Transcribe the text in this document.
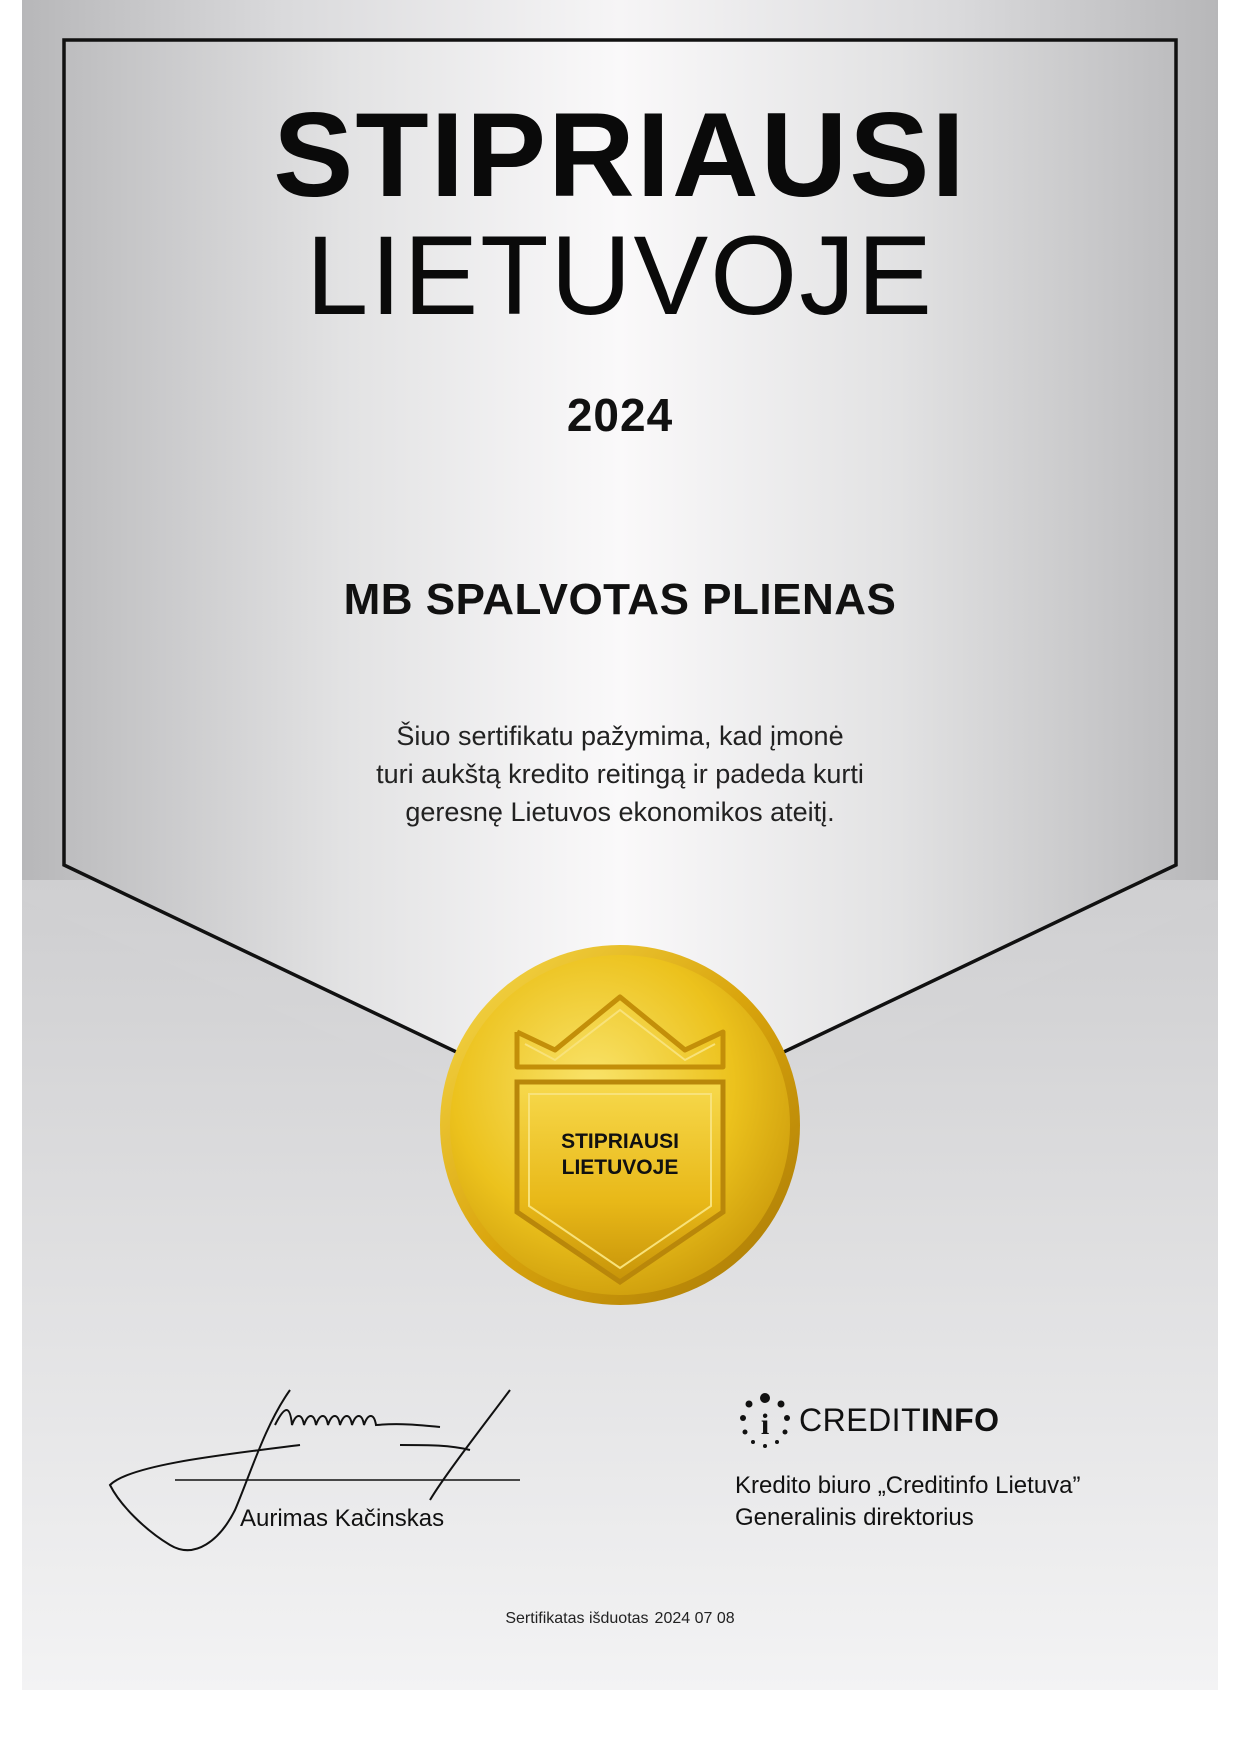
STIPRIAUSI
LIETUVOJE
2024
MB SPALVOTAS PLIENAS
Šiuo sertifikatu pažymima, kad įmonė
turi aukštą kredito reitingą ir padeda kurti
geresnę Lietuvos ekonomikos ateitį.
STIPRIAUSI
LIETUVOJE
Aurimas Kačinskas
i CREDITINFO
Kredito biuro „Creditinfo Lietuva”
Generalinis direktorius
Sertifikatas išduotas 2024 07 08
